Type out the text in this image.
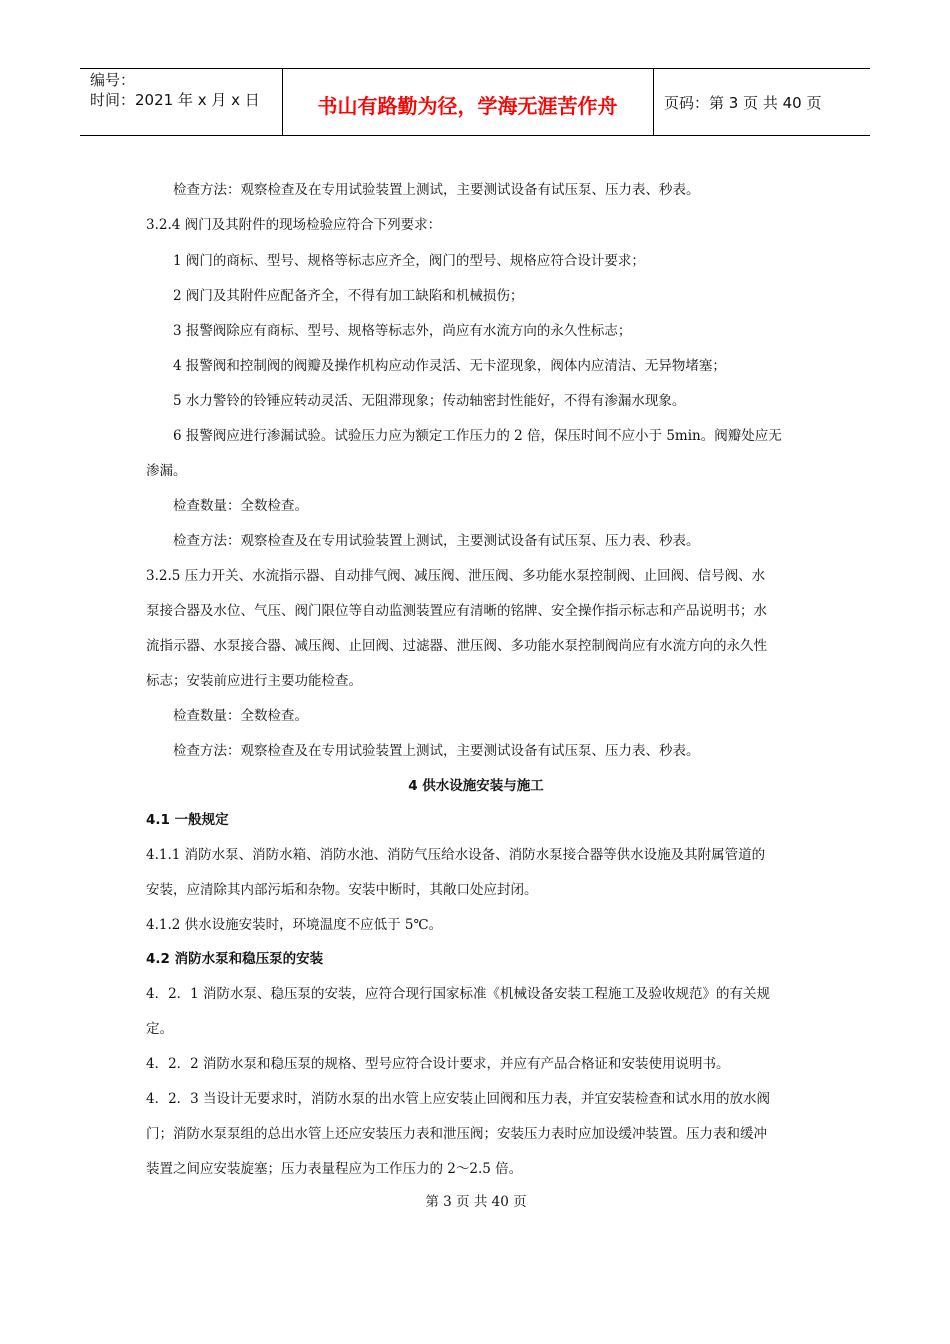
编号：
时间：2021 年 x 月 x 日	书山有路勤为径，学海无涯苦作舟	页码：第 3 页 共 40 页
检查方法：观察检查及在专用试验装置上测试，主要测试设备有试压泵、压力表、秒表。
3.2.4 阀门及其附件的现场检验应符合下列要求：
1 阀门的商标、型号、规格等标志应齐全，阀门的型号、规格应符合设计要求；
2 阀门及其附件应配备齐全，不得有加工缺陷和机械损伤；
3 报警阀除应有商标、型号、规格等标志外，尚应有水流方向的永久性标志；
4 报警阀和控制阀的阀瓣及操作机构应动作灵活、无卡涩现象，阀体内应清洁、无异物堵塞；
5 水力警铃的铃锤应转动灵活、无阻滞现象；传动轴密封性能好，不得有渗漏水现象。
6 报警阀应进行渗漏试验。试验压力应为额定工作压力的 2 倍，保压时间不应小于 5min。阀瓣处应无
渗漏。
检查数量：全数检查。
检查方法：观察检查及在专用试验装置上测试，主要测试设备有试压泵、压力表、秒表。
3.2.5 压力开关、水流指示器、自动排气阀、减压阀、泄压阀、多功能水泵控制阀、止回阀、信号阀、水
泵接合器及水位、气压、阀门限位等自动监测装置应有清晰的铭牌、安全操作指示标志和产品说明书；水
流指示器、水泵接合器、减压阀、止回阀、过滤器、泄压阀、多功能水泵控制阀尚应有水流方向的永久性
标志；安装前应进行主要功能检查。
检查数量：全数检查。
检查方法：观察检查及在专用试验装置上测试，主要测试设备有试压泵、压力表、秒表。
4 供水设施安装与施工
4.1 一般规定
4.1.1 消防水泵、消防水箱、消防水池、消防气压给水设备、消防水泵接合器等供水设施及其附属管道的
安装，应清除其内部污垢和杂物。安装中断时，其敞口处应封闭。
4.1.2 供水设施安装时，环境温度不应低于 5℃。
4.2 消防水泵和稳压泵的安装
4．2．1 消防水泵、稳压泵的安装，应符合现行国家标准《机械设备安装工程施工及验收规范》的有关规
定。
4．2．2 消防水泵和稳压泵的规格、型号应符合设计要求，并应有产品合格证和安装使用说明书。
4．2．3 当设计无要求时，消防水泵的出水管上应安装止回阀和压力表，并宜安装检查和试水用的放水阀
门；消防水泵泵组的总出水管上还应安装压力表和泄压阀；安装压力表时应加设缓冲装置。压力表和缓冲
装置之间应安装旋塞；压力表量程应为工作压力的 2～2.5 倍。
第 3 页 共 40 页
